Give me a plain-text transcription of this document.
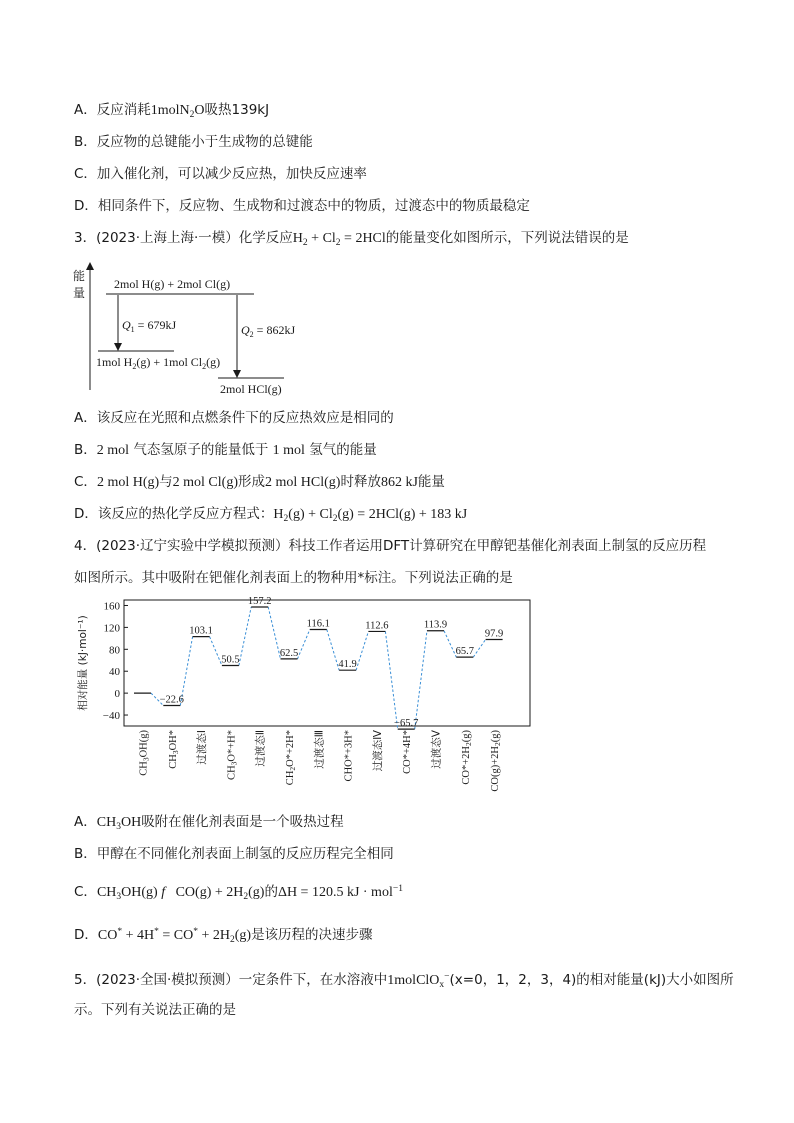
A．反应消耗1molN$_2$O吸热139kJ
B．反应物的总键能小于生成物的总键能
C．加入催化剂，可以减少反应热，加快反应速率
D．相同条件下，反应物、生成物和过渡态中的物质，过渡态中的物质最稳定
3．(2023·上海上海·一模）化学反应$H_2 + Cl_2 = 2HCl$的能量变化如图所示，下列说法错误的是
能
量
2mol H(g) + 2mol Cl(g)
$Q_1 = 679kJ$
1mol $H_2(g) + 1mol$ $Cl_2(g)$
$Q_2 = 862kJ$
2mol HCl(g)
A．该反应在光照和点燃条件下的反应热效应是相同的
B．2 mol 气态氢原子的能量低于 1 mol 氢气的能量
C．2 mol H(g)与2 mol Cl(g)形成2 mol HCl(g)时释放862 kJ能量
D．该反应的热化学反应方程式：$H_2(g) + Cl_2(g) = 2HCl(g) + 183$ kJ
4．(2023·辽宁实验中学模拟预测）科技工作者运用DFT计算研究在甲醇钯基催化剂表面上制氢的反应历程
如图所示。其中吸附在钯催化剂表面上的物种用*标注。下列说法正确的是
相对能量 (kJ·mol⁻¹)
160
120
80
40
0
−40
−22.6
103.1
50.5
157.2
62.5
116.1
41.9
112.6
−65.7
113.9
65.7
97.9
CH3OH(g)
CH3OH* 过渡态Ⅰ
CH3O*+H* 过渡态Ⅱ
CH2O*+2H* 过渡态Ⅲ CHO*+3H* 过渡态Ⅳ CO*+4H* 过渡态Ⅴ CO*+2H2(g)
CO(g)+2H2(g)
A．$CH_3OH$吸附在催化剂表面是一个吸热过程
B．甲醇在不同催化剂表面上制氢的反应历程完全相同
C．$CH_3OH(g)$ f   $CO(g) + 2H_2(g)$的ΔH = 120.5 kJ · mol$^{-1}$
D．$CO^* + 4H^* = CO^* + 2H_2(g)$是该历程的决速步骤
5．(2023·全国·模拟预测）一定条件下，在水溶液中1molClO$_x$−(x=0，1，2，3，4)的相对能量(kJ)大小如图所
示。下列有关说法正确的是
